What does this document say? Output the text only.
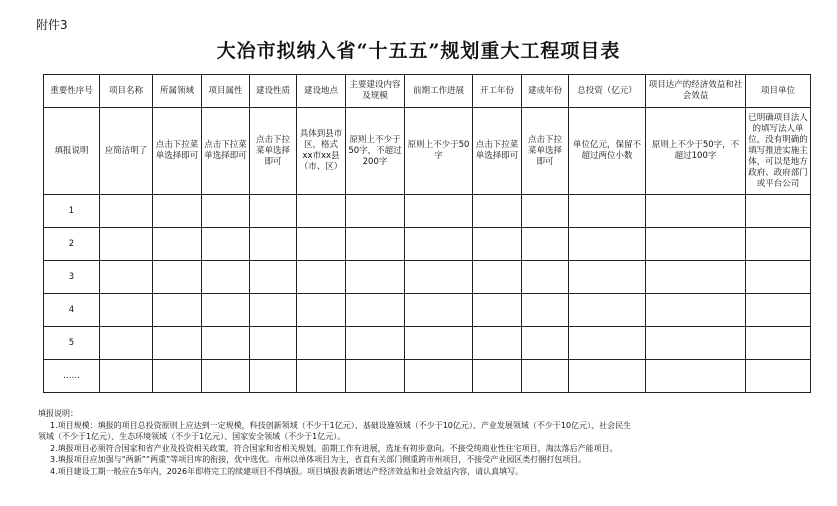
附件3
大冶市拟纳入省“十五五”规划重大工程项目表
重要性序号	项目名称	所属领域	项目属性	建设性质	建设地点	主要建设内容及规模	前期工作进展	开工年份	建成年份	总投资（亿元）	项目达产的经济效益和社会效益	项目单位
填报说明	应简洁明了	点击下拉菜单选择即可	点击下拉菜单选择即可	点击下拉菜单选择即可	具体到县市区，格式xx市xx县（市、区）	原则上不少于50字，不超过200字	原则上不少于50字	点击下拉菜单选择即可	点击下拉菜单选择即可	单位亿元，保留不超过两位小数	原则上不少于50字，不超过100字	已明确项目法人的填写法人单位，没有明确的填写推进实施主体，可以是地方政府、政府部门或平台公司
1												
2												
3												
4												
5												
……												

填报说明：

1.项目规模：填报的项目总投资原则上应达到一定规模，科技创新领域（不少于1亿元）、基础设施领域（不少于10亿元）、产业发展领域（不少于10亿元）、社会民生

领域（不少于1亿元）、生态环境领域（不少于1亿元）、国家安全领域（不少于1亿元）。

2.填报项目必须符合国家和省产业及投资相关政策，符合国家和省相关规划，前期工作有进展，选址有初步意向。不接受纯商业性住宅项目，淘汰落后产能项目。

3.填报项目应加强与“两新”“两重”等项目库的衔接，优中选优。市州以单体项目为主，省直有关部门侧重跨市州项目，不接受产业园区类打捆打包项目。

4.项目建设工期一般应在5年内，2026年即将完工的续建项目不得填报。项目填报表新增达产经济效益和社会效益内容，请认真填写。
